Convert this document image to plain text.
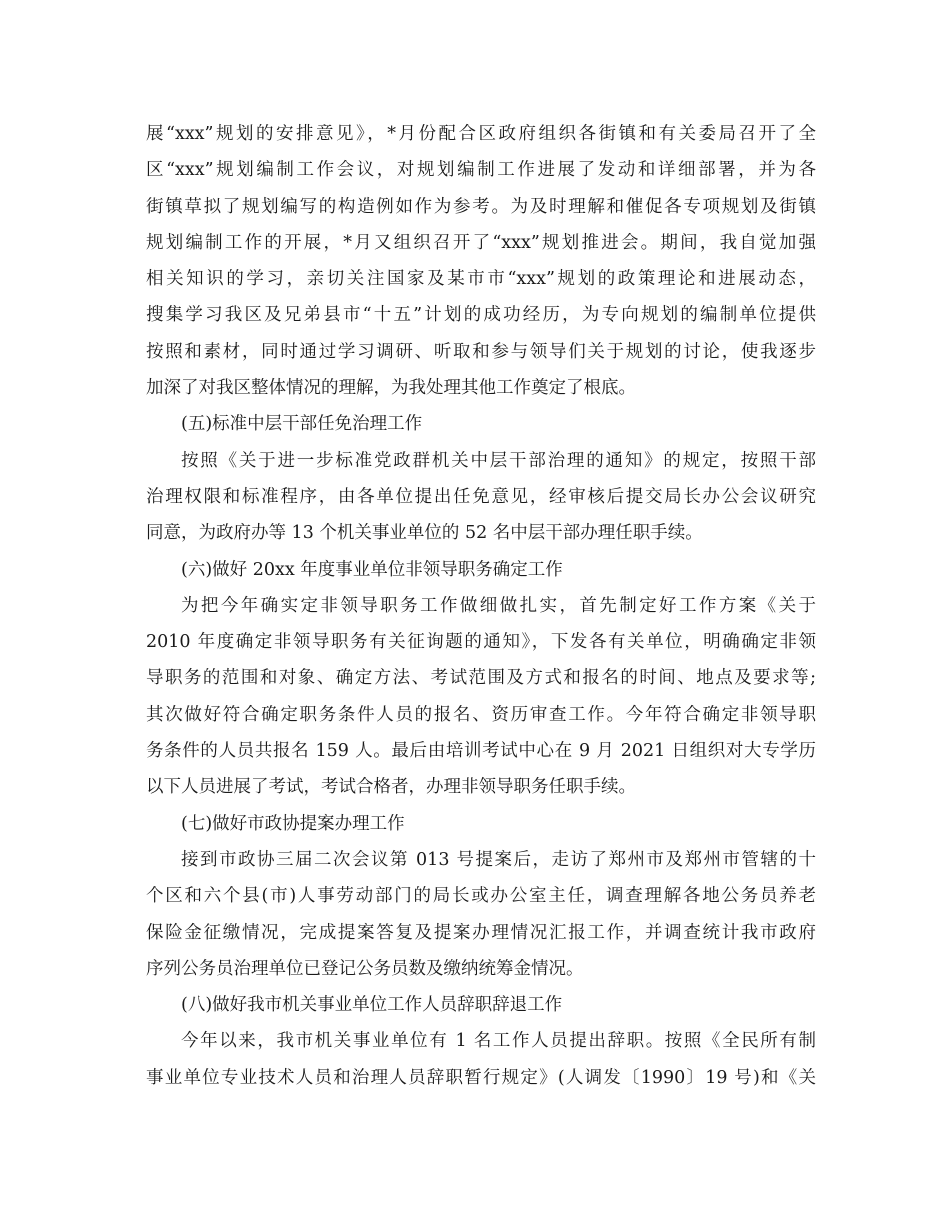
展“xxx”规划的安排意见》，*月份配合区政府组织各街镇和有关委局召开了全
区“xxx”规划编制工作会议，对规划编制工作进展了发动和详细部署，并为各
街镇草拟了规划编写的构造例如作为参考。为及时理解和催促各专项规划及街镇
规划编制工作的开展，*月又组织召开了“xxx”规划推进会。期间，我自觉加强
相关知识的学习，亲切关注国家及某市市“xxx”规划的政策理论和进展动态，
搜集学习我区及兄弟县市“十五”计划的成功经历，为专向规划的编制单位提供
按照和素材，同时通过学习调研、听取和参与领导们关于规划的讨论，使我逐步
加深了对我区整体情况的理解，为我处理其他工作奠定了根底。
(五)标准中层干部任免治理工作
按照《关于进一步标准党政群机关中层干部治理的通知》的规定，按照干部
治理权限和标准程序，由各单位提出任免意见，经审核后提交局长办公会议研究
同意，为政府办等 13 个机关事业单位的 52 名中层干部办理任职手续。
(六)做好 20xx 年度事业单位非领导职务确定工作
为把今年确实定非领导职务工作做细做扎实，首先制定好工作方案《关于
2010 年度确定非领导职务有关征询题的通知》，下发各有关单位，明确确定非领
导职务的范围和对象、确定方法、考试范围及方式和报名的时间、地点及要求等;
其次做好符合确定职务条件人员的报名、资历审查工作。今年符合确定非领导职
务条件的人员共报名 159 人。最后由培训考试中心在 9 月 2021 日组织对大专学历
以下人员进展了考试，考试合格者，办理非领导职务任职手续。
(七)做好市政协提案办理工作
接到市政协三届二次会议第 013 号提案后，走访了郑州市及郑州市管辖的十
个区和六个县(市)人事劳动部门的局长或办公室主任，调查理解各地公务员养老
保险金征缴情况，完成提案答复及提案办理情况汇报工作，并调查统计我市政府
序列公务员治理单位已登记公务员数及缴纳统筹金情况。
(八)做好我市机关事业单位工作人员辞职辞退工作
今年以来，我市机关事业单位有 1 名工作人员提出辞职。按照《全民所有制
事业单位专业技术人员和治理人员辞职暂行规定》(人调发〔1990〕19 号)和《关
